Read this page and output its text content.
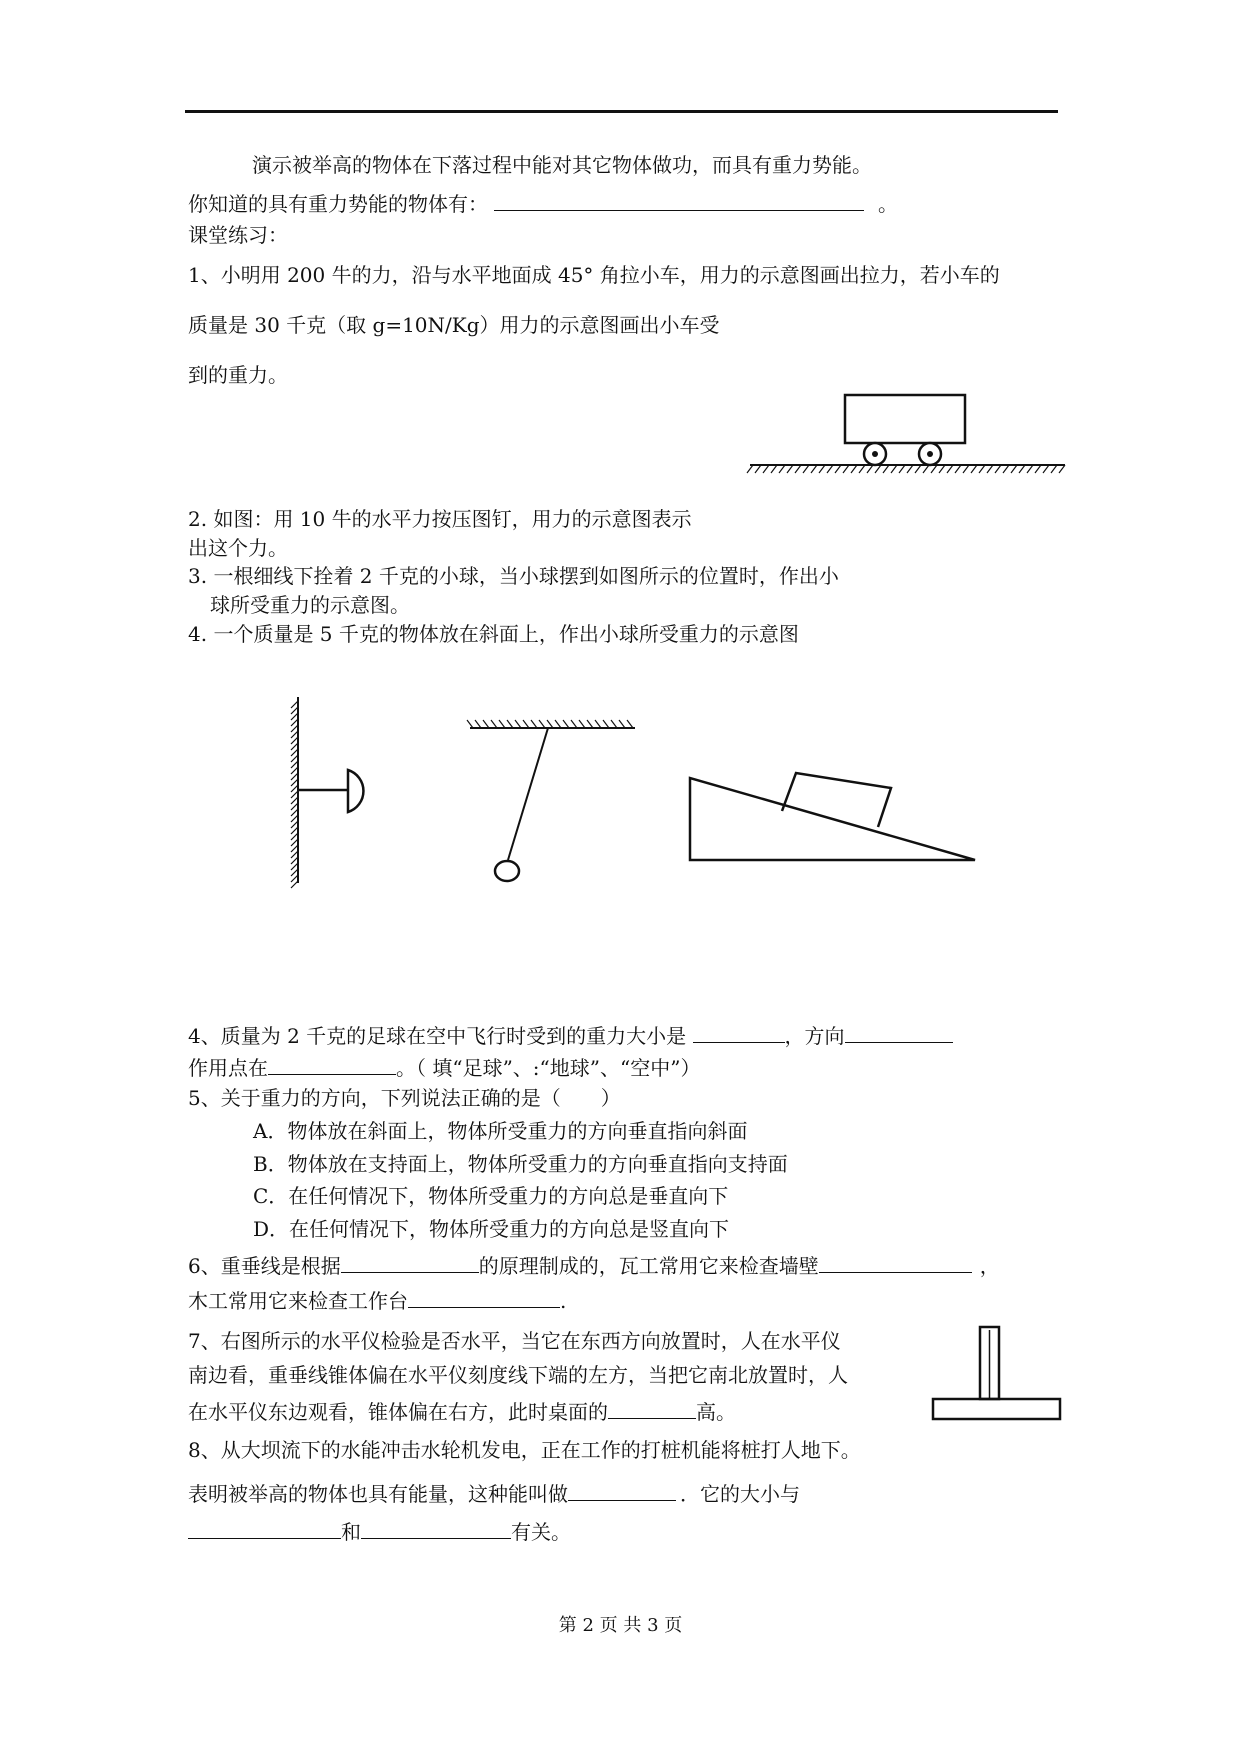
演示被举高的物体在下落过程中能对其它物体做功，而具有重力势能。
你知道的具有重力势能的物体有：	。
课堂练习：
1、小明用 200 牛的力，沿与水平地面成 45° 角拉小车，用力的示意图画出拉力，若小车的
质量是 30 千克（取 g=10N/Kg）用力的示意图画出小车受
到的重力。
2. 如图：用 10 牛的水平力按压图钉，用力的示意图表示
出这个力。
3. 一根细线下拴着 2 千克的小球，当小球摆到如图所示的位置时，作出小
球所受重力的示意图。
4. 一个质量是 5 千克的物体放在斜面上，作出小球所受重力的示意图
4、质量为 2 千克的足球在空中飞行时受到的重力大小是	，方向
作用点在	。（ 填“足球”、:“地球”、“空中”）
5、关于重力的方向，下列说法正确的是（　　）
A．物体放在斜面上，物体所受重力的方向垂直指向斜面
B．物体放在支持面上，物体所受重力的方向垂直指向支持面
C．在任何情况下，物体所受重力的方向总是垂直向下
D．在任何情况下，物体所受重力的方向总是竖直向下
6、重垂线是根据	的原理制成的，瓦工常用它来检查墙壁	，
木工常用它来检查工作台	.
7、右图所示的水平仪检验是否水平，当它在东西方向放置时，人在水平仪
南边看，重垂线锥体偏在水平仪刻度线下端的左方，当把它南北放置时，人
在水平仪东边观看，锥体偏在右方，此时桌面的	高。
8、从大坝流下的水能冲击水轮机发电，正在工作的打桩机能将桩打人地下。
表明被举高的物体也具有能量，这种能叫做	．它的大小与
和	有关。
第 2 页 共 3 页
